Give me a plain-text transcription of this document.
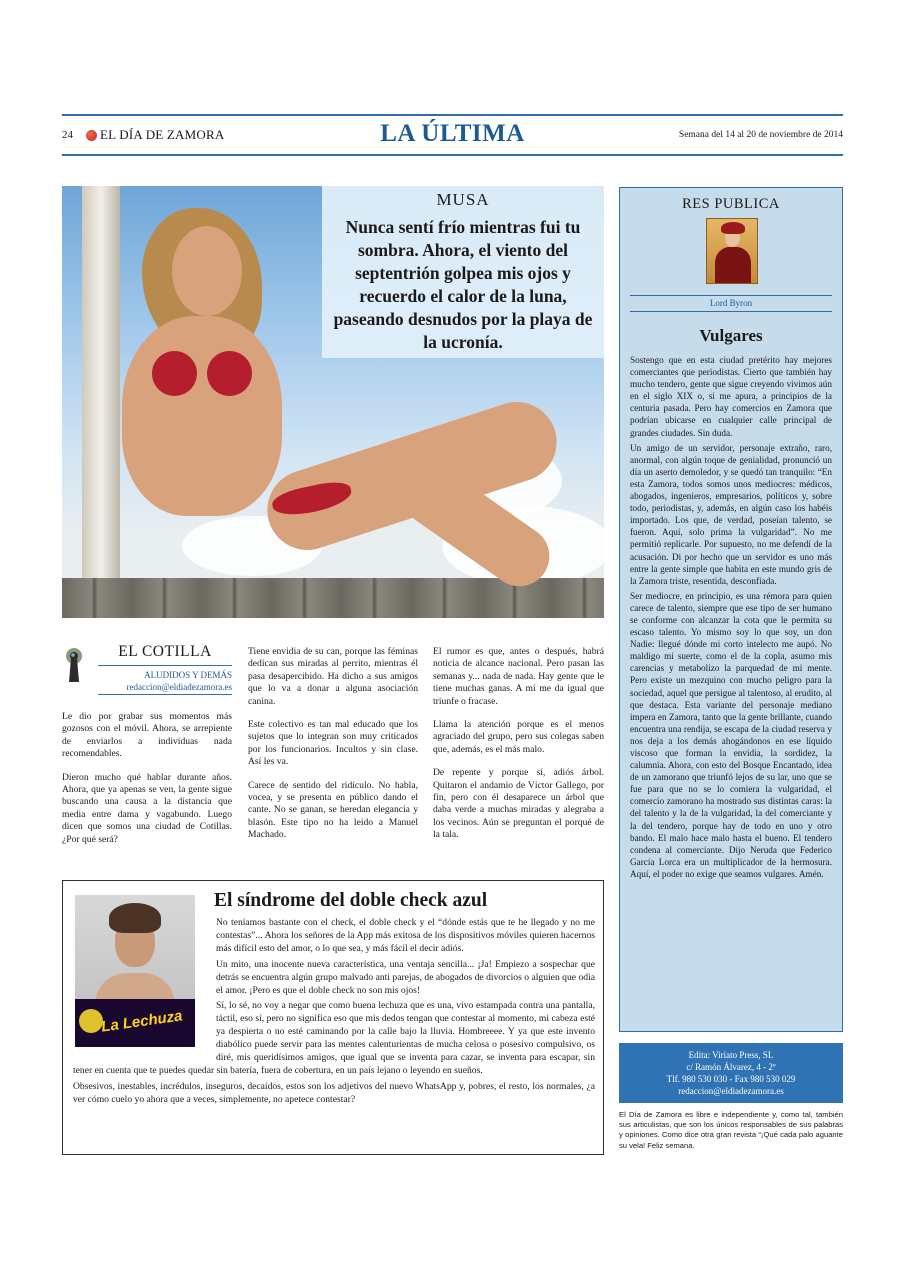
24 EL DÍA DE ZAMORA	LA ÚLTIMA	Semana del 14 al 20 de noviembre de 2014
MUSA
Nunca sentí frío mientras fui tu sombra. Ahora, el viento del septentrión golpea mis ojos y recuerdo el calor de la luna, paseando desnudos por la playa de la ucronía.
RES PUBLICA
Lord Byron
Vulgares

Sostengo que en esta ciudad pretérito hay mejores comerciantes que periodistas. Cierto que también hay mucho tendero, gente que sigue creyendo vivimos aún en el siglo XIX o, si me apura, a principios de la centuria pasada. Pero hay comercios en Zamora que podrían ubicarse en cualquier calle principal de grandes ciudades. Sin duda.

Un amigo de un servidor, personaje extraño, raro, anormal, con algún toque de genialidad, pronunció un día un aserto demoledor, y se quedó tan tranquilo: “En esta Zamora, todos somos unos mediocres: médicos, abogados, ingenieros, empresarios, políticos y, sobre todo, periodistas, y, además, en algún caso los habéis importado. Los que, de verdad, poseían talento, se fueron. Aquí, solo prima la vulgaridad”. No me permitió replicarle. Por supuesto, no me defendí de la acusación. Di por hecho que un servidor es uno más entre la gente simple que habita en este mundo gris de la Zamora triste, resentida, desconfiada.

Ser mediocre, en principio, es una rémora para quien carece de talento, siempre que ese tipo de ser humano se conforme con alcanzar la cota que le permita su escaso talento. Yo mismo soy lo que soy, un don Nadie: llegué dónde mi corto intelecto me aupó. No maldigo mi suerte, como el de la copla, asumo mis carencias y metabolizo la parquedad de mi mente. Pero existe un mezquino con mucho peligro para la sociedad, aquel que persigue al talentoso, al erudito, al que destaca. Esta variante del personaje mediano impera en Zamora, tanto que la gente brillante, cuando encuentra una rendija, se escapa de la ciudad reserva y nos deja a los demás ahogándonos en ese líquido viscoso que forman la envidia, la sordidez, la calumnia. Ahora, con esto del Bosque Encantado, idea de un zamorano que triunfó lejos de su lar, uno que se fue para que no se lo comiera la vulgaridad, el comercio zamorano ha mostrado sus distintas caras: la del talento y la de la vulgaridad, la del comerciante y la del tendero, porque hay de todo en uno y otro bando. El malo hace malo hasta el bueno. El tendero condena al comerciante. Dijo Neruda que Federico García Lorca era un multiplicador de la hermosura. Aquí, el poder no exige que seamos vulgares. Amén.

Edita: Viriato Press, SL
c/ Ramón Álvarez, 4 - 2º
Tlf. 980 530 030 - Fax 980 530 029
redaccion@eldiadezamora.es
El Día de Zamora es libre e independiente y, como tal, también sus articulistas, que son los únicos responsables de sus palabras y opiniones. Como dice otra gran revista “¡Qué cada palo aguante su vela! Feliz semana.
EL COTILLA
ALUDIDOS Y DEMÁS
redaccion@eldiadezamora.es

Le dio por grabar sus momentos más gozosos con el móvil. Ahora, se arrepiente de enviarlos a individuas nada recomendables.

Dieron mucho qué hablar durante años. Ahora, que ya apenas se ven, la gente sigue buscando una causa a la distancia que media entre dama y vagabundo. Luego dicen que somos una ciudad de Cotillas. ¿Por qué será?

Tiene envidia de su can, porque las féminas dedican sus miradas al perrito, mientras él pasa desapercibido. Ha dicho a sus amigos que lo va a donar a alguna asociación canina.

Este colectivo es tan mal educado que los sujetos que lo integran son muy criticados por los funcionarios. Incultos y sin clase. Así les va.

Carece de sentido del ridículo. No habla, vocea, y se presenta en público dando el cante. No se ganan, se heredan elegancia y blasón. Este tipo no ha leído a Manuel Machado.

El rumor es que, antes o después, habrá noticia de alcance nacional. Pero pasan las semanas y... nada de nada. Hay gente que le tiene muchas ganas. A mí me da igual que triunfe o fracase.

Llama la atención porque es el menos agraciado del grupo, pero sus colegas saben que, además, es el más malo.

De repente y porque sí, adiós árbol. Quitaron el andamio de Víctor Gallego, por fin, pero con él desaparece un árbol que daba verde a muchas miradas y alegraba a los vecinos. Aún se preguntan el porqué de la tala.

La Lechuza
El síndrome del doble check azul

No teníamos bastante con el check, el doble check y el “dónde estás que te he llegado y no me contestas”... Ahora los señores de la App más exitosa de los dispositivos móviles quieren hacernos más difícil esto del amor, o lo que sea, y más fácil el decir adiós.

Un mito, una inocente nueva característica, una ventaja sencilla... ¡Ja! Empiezo a sospechar que detrás se encuentra algún grupo malvado anti parejas, de abogados de divorcios o alguien que odia el amor. ¡Pero es que el doble check no son mis ojos!

Sí, lo sé, no voy a negar que como buena lechuza que es una, vivo estampada contra una pantalla, táctil, eso sí, pero no significa eso que mis dedos tengan que contestar al momento, mi cabeza esté ya despierta o no esté caminando por la calle bajo la lluvia. Hombreeee. Y ya que este invento diabólico puede servir para las mentes calenturientas de mucha celosa o posesivo compulsivo, os diré, mis queridísimos amigos, que igual que se inventa para cazar, se inventa para escapar, sin tener en cuenta que te puedes quedar sin batería, fuera de cobertura, en un país lejano o leyendo en sueños.

Obsesivos, inestables, incrédulos, inseguros, decaídos, estos son los adjetivos del nuevo WhatsApp y, pobres, el resto, los normales, ¿a ver cómo cuelo yo ahora que a veces, simplemente, no apetece contestar?
